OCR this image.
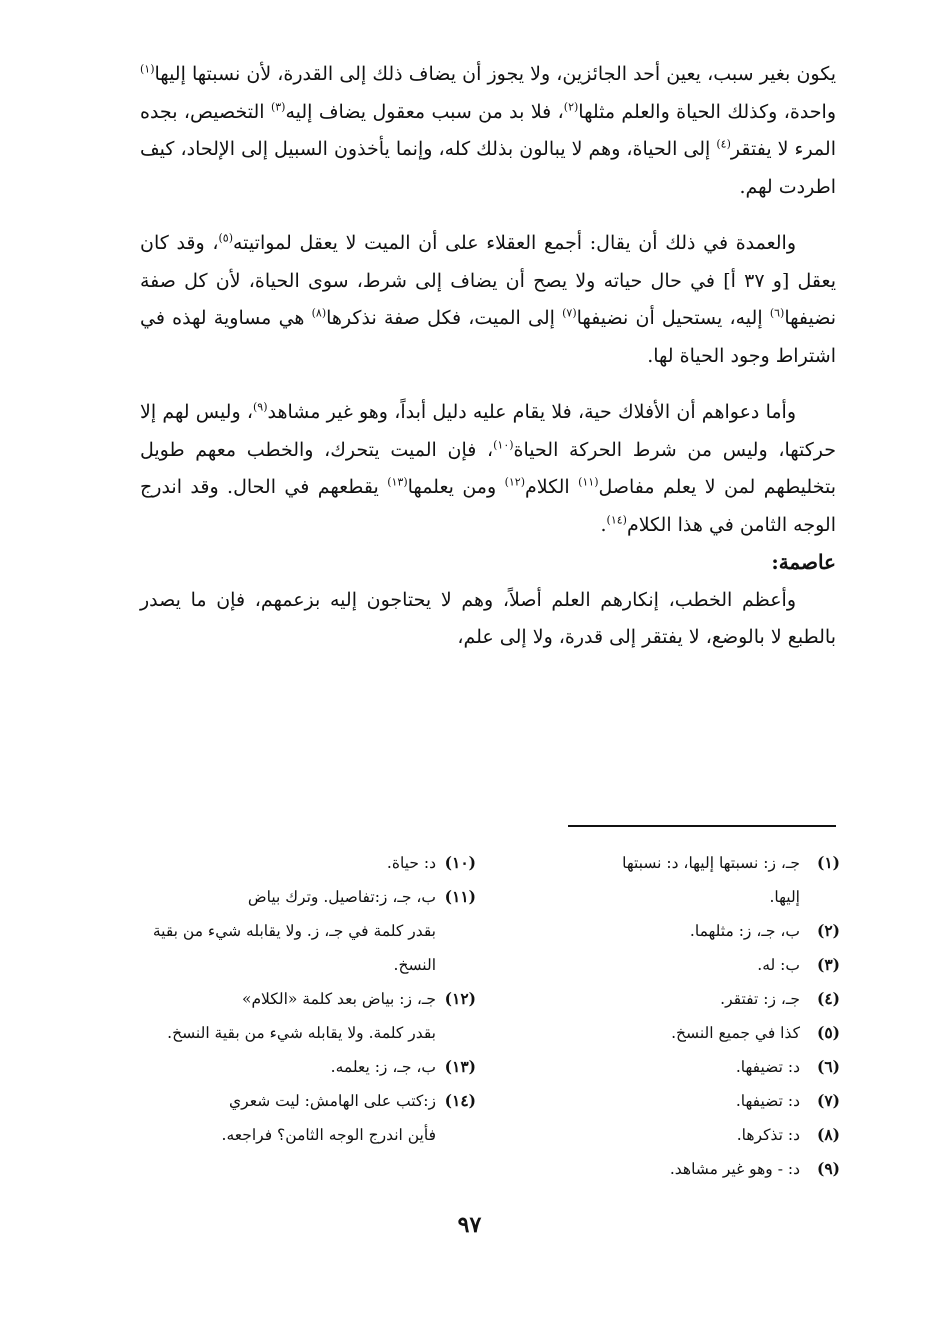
يكون بغير سبب، يعين أحد الجائزين، ولا يجوز أن يضاف ذلك إلى القدرة، لأن نسبتها إليها$^{(١)}$ واحدة، وكذلك الحياة والعلم مثلها$^{(٢)}$، فلا بد من سبب معقول يضاف إليه$^{(٣)}$ التخصيص، بجده المرء لا يفتقر$^{(٤)}$ إلى الحياة، وهم لا يبالون بذلك كله، وإنما يأخذون السبيل إلى الإلحاد، كيف اطردت لهم.

والعمدة في ذلك أن يقال: أجمع العقلاء على أن الميت لا يعقل لمواتيته$^{(٥)}$، وقد كان يعقل [و ٣٧ أ] في حال حياته ولا يصح أن يضاف إلى شرط، سوى الحياة، لأن كل صفة نضيفها$^{(٦)}$ إليه، يستحيل أن نضيفها$^{(٧)}$ إلى الميت، فكل صفة نذكرها$^{(٨)}$ هي مساوية لهذه في اشتراط وجود الحياة لها.

وأما دعواهم أن الأفلاك حية، فلا يقام عليه دليل أبداً، وهو غير مشاهد$^{(٩)}$، وليس لهم إلا حركتها، وليس من شرط الحركة الحياة$^{(١٠)}$، فإن الميت يتحرك، والخطب معهم طويل بتخليطهم لمن لا يعلم مفاصل$^{(١١)}$ الكلام$^{(١٢)}$ ومن يعلمها$^{(١٣)}$ يقطعهم في الحال. وقد اندرج الوجه الثامن في هذا الكلام$^{(١٤)}$.

عاصمة:

وأعظم الخطب، إنكارهم العلم أصلاً، وهم لا يحتاجون إليه بزعمهم، فإن ما يصدر بالطبع لا بالوضع، لا يفتقر إلى قدرة، ولا إلى علم،

(١)جـ، ز: نسبتها إليها، د: نسبتها
إليها.
(٢)ب، جـ، ز: مثلهما.
(٣)ب: له.
(٤)جـ، ز: تفتقر.
(٥)كذا في جميع النسخ.
(٦)د: تضيفها.
(٧)د: تضيفها.
(٨)د: تذكرها.
(٩)د: - وهو غير مشاهد.
(١٠)د: حياة.
(١١)ب، جـ، ز:تفاصيل. وترك بياض
بقدر كلمة في جـ، ز. ولا يقابله شيء من بقية النسخ.
(١٢)جـ، ز: بياض بعد كلمة «الكلام»
بقدر كلمة. ولا يقابله شيء من بقية النسخ.
(١٣)ب، جـ، ز: يعلمه.
(١٤)ز:كتب على الهامش: ليت شعري
فأين اندرج الوجه الثامن؟ فراجعه.
٩٧
